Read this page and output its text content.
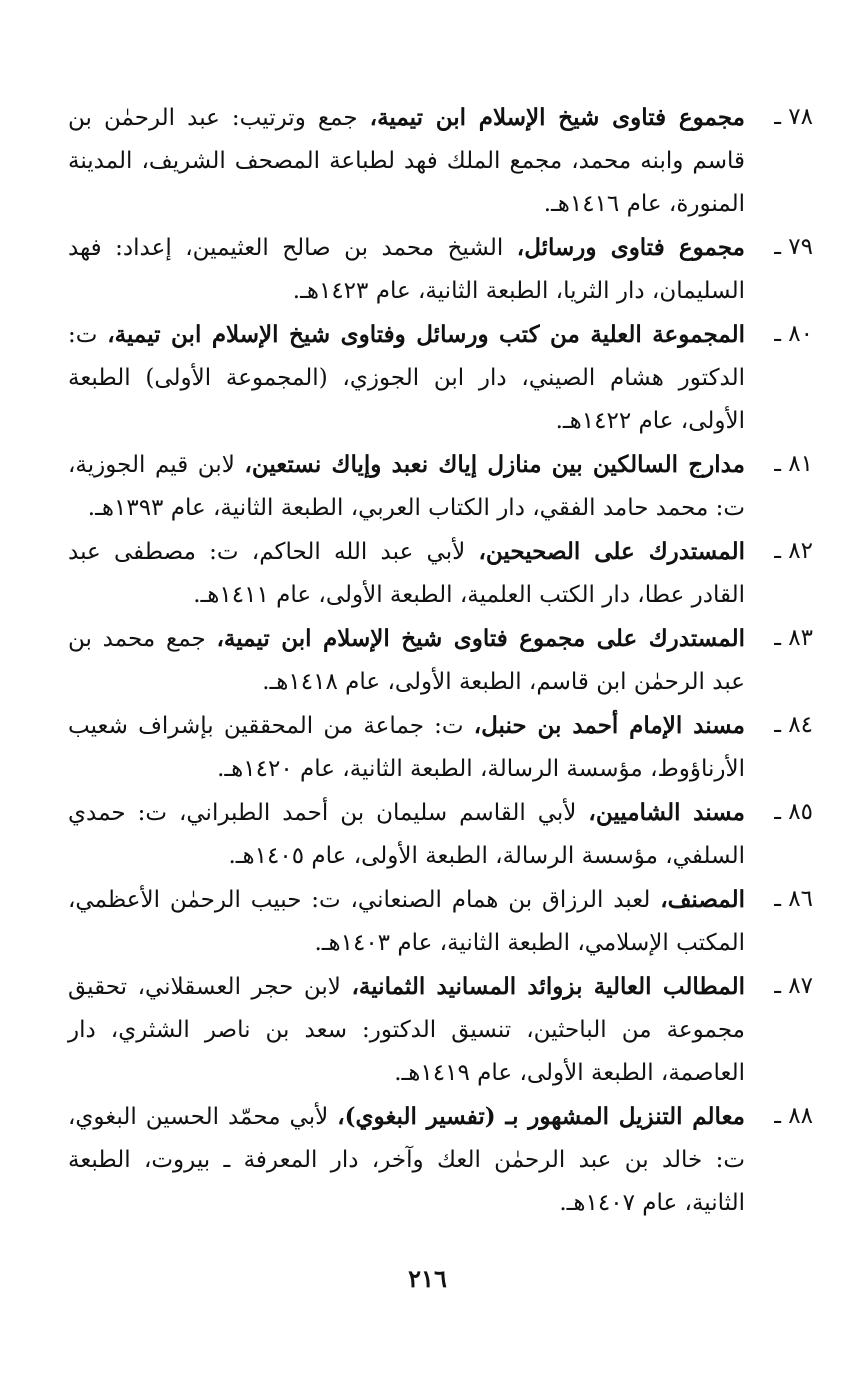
٧٨ ـ
مجموع فتاوى شيخ الإسلام ابن تيمية، جمع وترتيب: عبد الرحمٰن بن قاسم وابنه محمد، مجمع الملك فهد لطباعة المصحف الشريف، المدينة المنورة، عام ١٤١٦هـ.
٧٩ ـ
مجموع فتاوى ورسائل، الشيخ محمد بن صالح العثيمين، إعداد: فهد السليمان، دار الثريا، الطبعة الثانية، عام ١٤٢٣هـ.
٨٠ ـ
المجموعة العلية من كتب ورسائل وفتاوى شيخ الإسلام ابن تيمية، ت: الدكتور هشام الصيني، دار ابن الجوزي، (المجموعة الأولى) الطبعة الأولى، عام ١٤٢٢هـ.
٨١ ـ
مدارج السالكين بين منازل إياك نعبد وإياك نستعين، لابن قيم الجوزية، ت: محمد حامد الفقي، دار الكتاب العربي، الطبعة الثانية، عام ١٣٩٣هـ.
٨٢ ـ
المستدرك على الصحيحين، لأبي عبد الله الحاكم، ت: مصطفى عبد القادر عطا، دار الكتب العلمية، الطبعة الأولى، عام ١٤١١هـ.
٨٣ ـ
المستدرك على مجموع فتاوى شيخ الإسلام ابن تيمية، جمع محمد بن عبد الرحمٰن ابن قاسم، الطبعة الأولى، عام ١٤١٨هـ.
٨٤ ـ
مسند الإمام أحمد بن حنبل، ت: جماعة من المحققين بإشراف شعيب الأرناؤوط، مؤسسة الرسالة، الطبعة الثانية، عام ١٤٢٠هـ.
٨٥ ـ
مسند الشاميين، لأبي القاسم سليمان بن أحمد الطبراني، ت: حمدي السلفي، مؤسسة الرسالة، الطبعة الأولى، عام ١٤٠٥هـ.
٨٦ ـ
المصنف، لعبد الرزاق بن همام الصنعاني، ت: حبيب الرحمٰن الأعظمي، المكتب الإسلامي، الطبعة الثانية، عام ١٤٠٣هـ.
٨٧ ـ
المطالب العالية بزوائد المسانيد الثمانية، لابن حجر العسقلاني، تحقيق مجموعة من الباحثين، تنسيق الدكتور: سعد بن ناصر الشثري، دار العاصمة، الطبعة الأولى، عام ١٤١٩هـ.
٨٨ ـ
معالم التنزيل المشهور بـ (تفسير البغوي)، لأبي محمّد الحسين البغوي، ت: خالد بن عبد الرحمٰن العك وآخر، دار المعرفة ـ بيروت، الطبعة الثانية، عام ١٤٠٧هـ.
٢١٦
